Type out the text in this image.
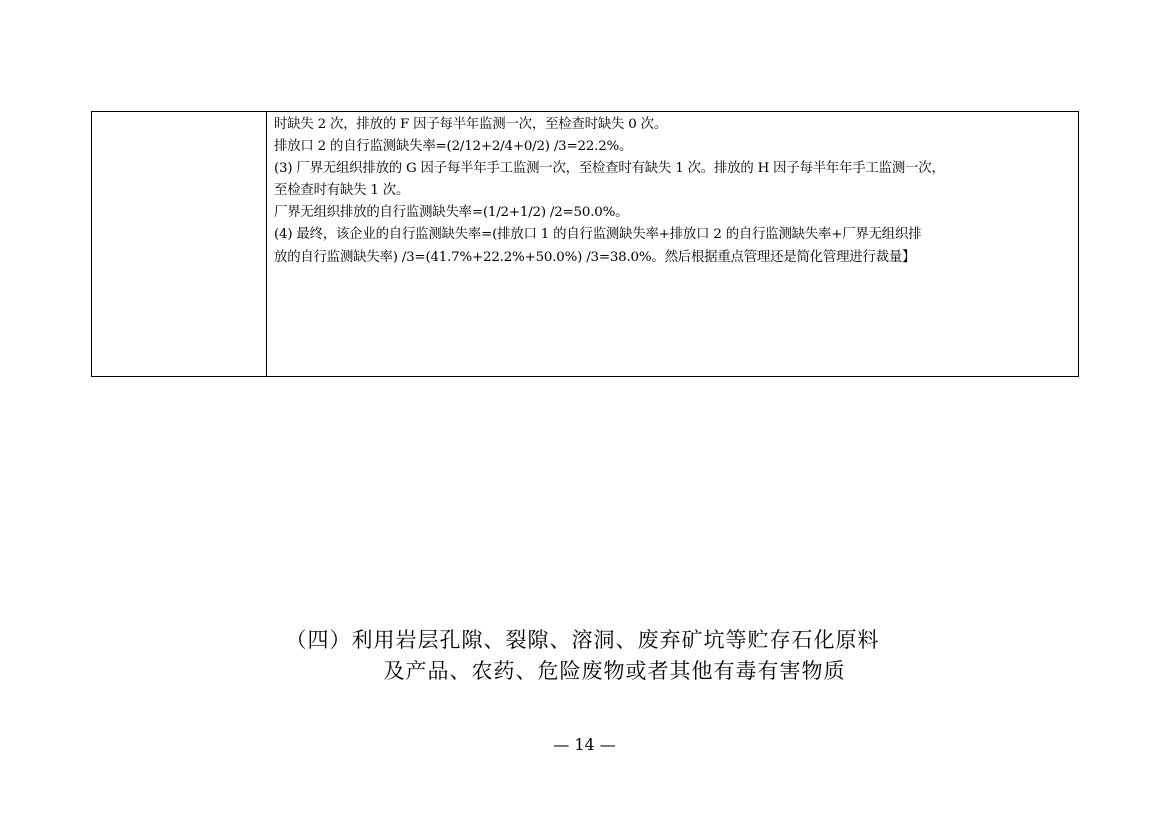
时缺失 2 次，排放的 F 因子每半年监测一次，至检查时缺失 0 次。
排放口 2 的自行监测缺失率=(2/12+2/4+0/2) /3=22.2%。
(3) 厂界无组织排放的 G 因子每半年手工监测一次，至检查时有缺失 1 次。排放的 H 因子每半年年手工监测一次，
至检查时有缺失 1 次。
厂界无组织排放的自行监测缺失率=(1/2+1/2) /2=50.0%。
(4) 最终，该企业的自行监测缺失率=(排放口 1 的自行监测缺失率+排放口 2 的自行监测缺失率+厂界无组织排
放的自行监测缺失率) /3=(41.7%+22.2%+50.0%) /3=38.0%。然后根据重点管理还是简化管理进行裁量】
（四）利用岩层孔隙、裂隙、溶洞、废弃矿坑等贮存石化原料
及产品、农药、危险废物或者其他有毒有害物质
— 14 —
